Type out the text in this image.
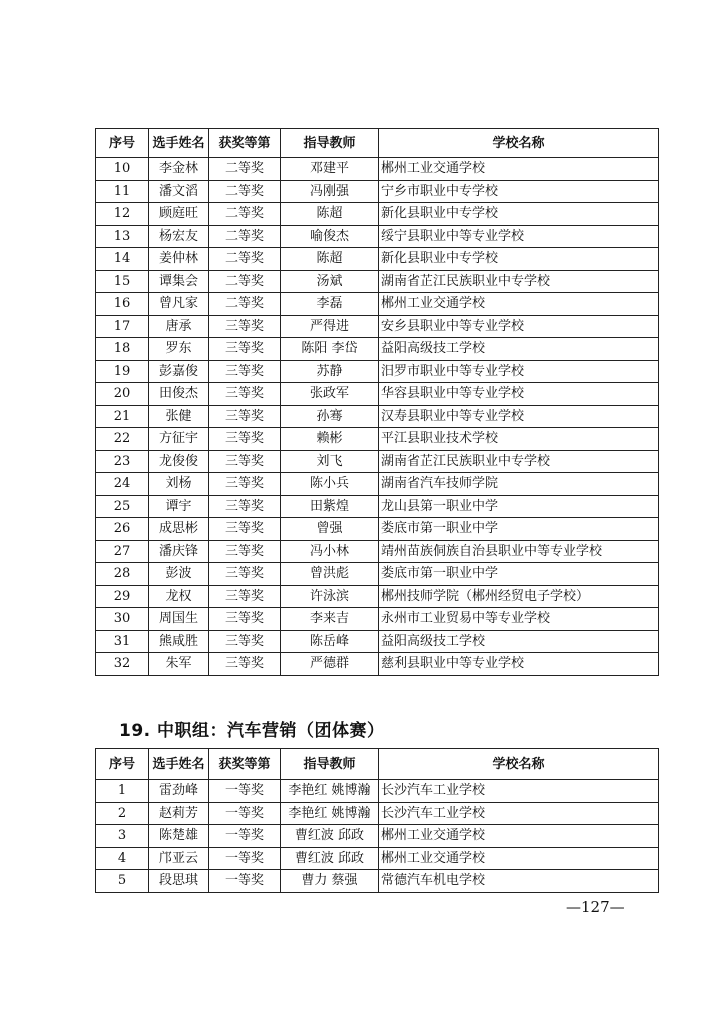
序号	选手姓名	获奖等第	指导教师	学校名称
10	李金林	二等奖	邓建平	郴州工业交通学校
11	潘文滔	二等奖	冯刚强	宁乡市职业中专学校
12	顾庭旺	二等奖	陈超	新化县职业中专学校
13	杨宏友	二等奖	喻俊杰	绥宁县职业中等专业学校
14	姜仲林	二等奖	陈超	新化县职业中专学校
15	谭集会	二等奖	汤斌	湖南省芷江民族职业中专学校
16	曾凡家	二等奖	李磊	郴州工业交通学校
17	唐承	三等奖	严得进	安乡县职业中等专业学校
18	罗东	三等奖	陈阳 李岱	益阳高级技工学校
19	彭嘉俊	三等奖	苏静	汨罗市职业中等专业学校
20	田俊杰	三等奖	张政军	华容县职业中等专业学校
21	张健	三等奖	孙骞	汉寿县职业中等专业学校
22	方征宇	三等奖	赖彬	平江县职业技术学校
23	龙俊俊	三等奖	刘飞	湖南省芷江民族职业中专学校
24	刘杨	三等奖	陈小兵	湖南省汽车技师学院
25	谭宇	三等奖	田紫煌	龙山县第一职业中学
26	成思彬	三等奖	曾强	娄底市第一职业中学
27	潘庆锋	三等奖	冯小林	靖州苗族侗族自治县职业中等专业学校
28	彭波	三等奖	曾洪彪	娄底市第一职业中学
29	龙权	三等奖	许泳滨	郴州技师学院（郴州经贸电子学校）
30	周国生	三等奖	李来吉	永州市工业贸易中等专业学校
31	熊咸胜	三等奖	陈岳峰	益阳高级技工学校
32	朱军	三等奖	严德群	慈利县职业中等专业学校
19. 中职组：汽车营销（团体赛）
序号	选手姓名	获奖等第	指导教师	学校名称
1	雷劲峰	一等奖	李艳红 姚博瀚	长沙汽车工业学校
2	赵莉芳	一等奖	李艳红 姚博瀚	长沙汽车工业学校
3	陈楚雄	一等奖	曹红波 邱政	郴州工业交通学校
4	邝亚云	一等奖	曹红波 邱政	郴州工业交通学校
5	段思琪	一等奖	曹力 蔡强	常德汽车机电学校
—127—
